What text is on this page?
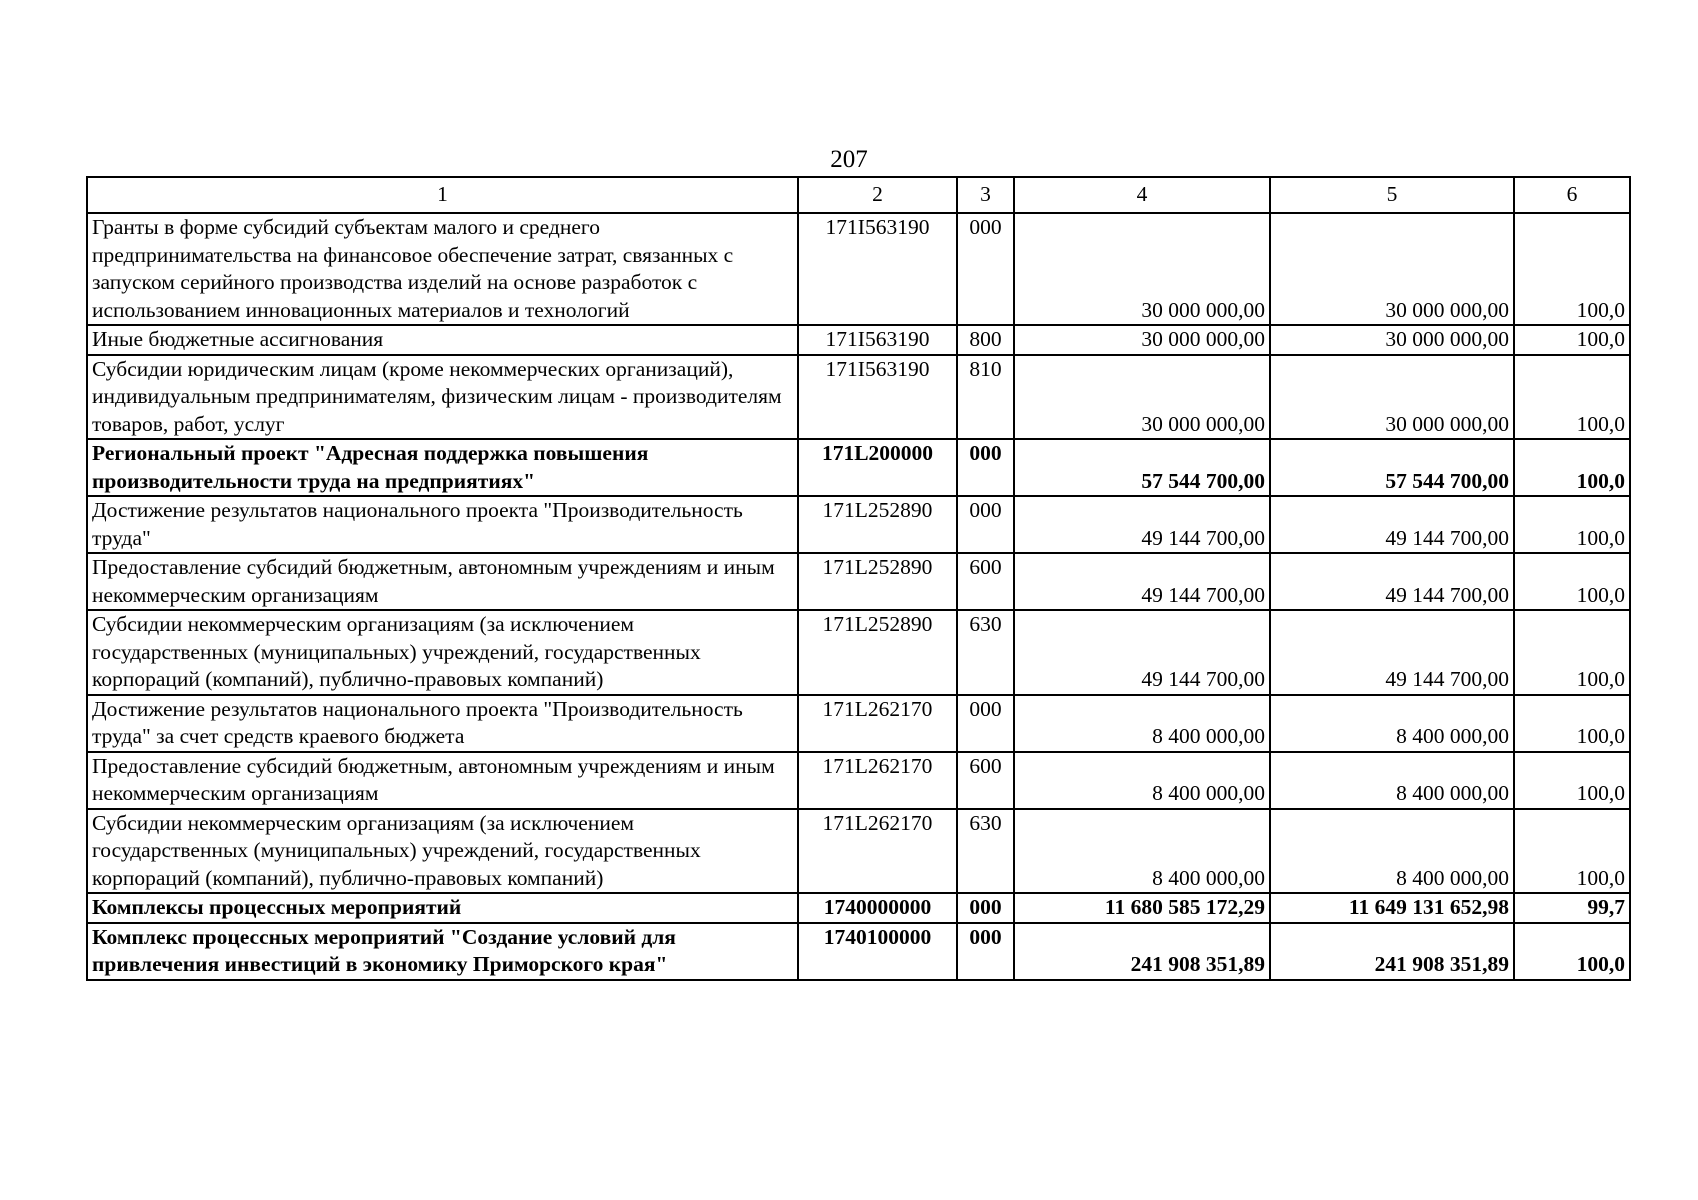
207
1	2	3	4	5	6
Гранты в форме субсидий субъектам малого и среднего предпринимательства на финансовое обеспечение затрат, связанных с запуском серийного производства изделий на основе разработок с использованием инновационных материалов и технологий	171I563190	000	30 000 000,00	30 000 000,00	100,0
Иные бюджетные ассигнования	171I563190	800	30 000 000,00	30 000 000,00	100,0
Субсидии юридическим лицам (кроме некоммерческих организаций), индивидуальным предпринимателям, физическим лицам - производителям товаров, работ, услуг	171I563190	810	30 000 000,00	30 000 000,00	100,0
Региональный проект "Адресная поддержка повышения производительности труда на предприятиях"	171L200000	000	57 544 700,00	57 544 700,00	100,0
Достижение результатов национального проекта "Производительность труда"	171L252890	000	49 144 700,00	49 144 700,00	100,0
Предоставление субсидий бюджетным, автономным учреждениям и иным некоммерческим организациям	171L252890	600	49 144 700,00	49 144 700,00	100,0
Субсидии некоммерческим организациям (за исключением государственных (муниципальных) учреждений, государственных корпораций (компаний), публично-правовых компаний)	171L252890	630	49 144 700,00	49 144 700,00	100,0
Достижение результатов национального проекта "Производительность труда" за счет средств краевого бюджета	171L262170	000	8 400 000,00	8 400 000,00	100,0
Предоставление субсидий бюджетным, автономным учреждениям и иным некоммерческим организациям	171L262170	600	8 400 000,00	8 400 000,00	100,0
Субсидии некоммерческим организациям (за исключением государственных (муниципальных) учреждений, государственных корпораций (компаний), публично-правовых компаний)	171L262170	630	8 400 000,00	8 400 000,00	100,0
Комплексы процессных мероприятий	1740000000	000	11 680 585 172,29	11 649 131 652,98	99,7
Комплекс процессных мероприятий "Создание условий для привлечения инвестиций в экономику Приморского края"	1740100000	000	241 908 351,89	241 908 351,89	100,0
